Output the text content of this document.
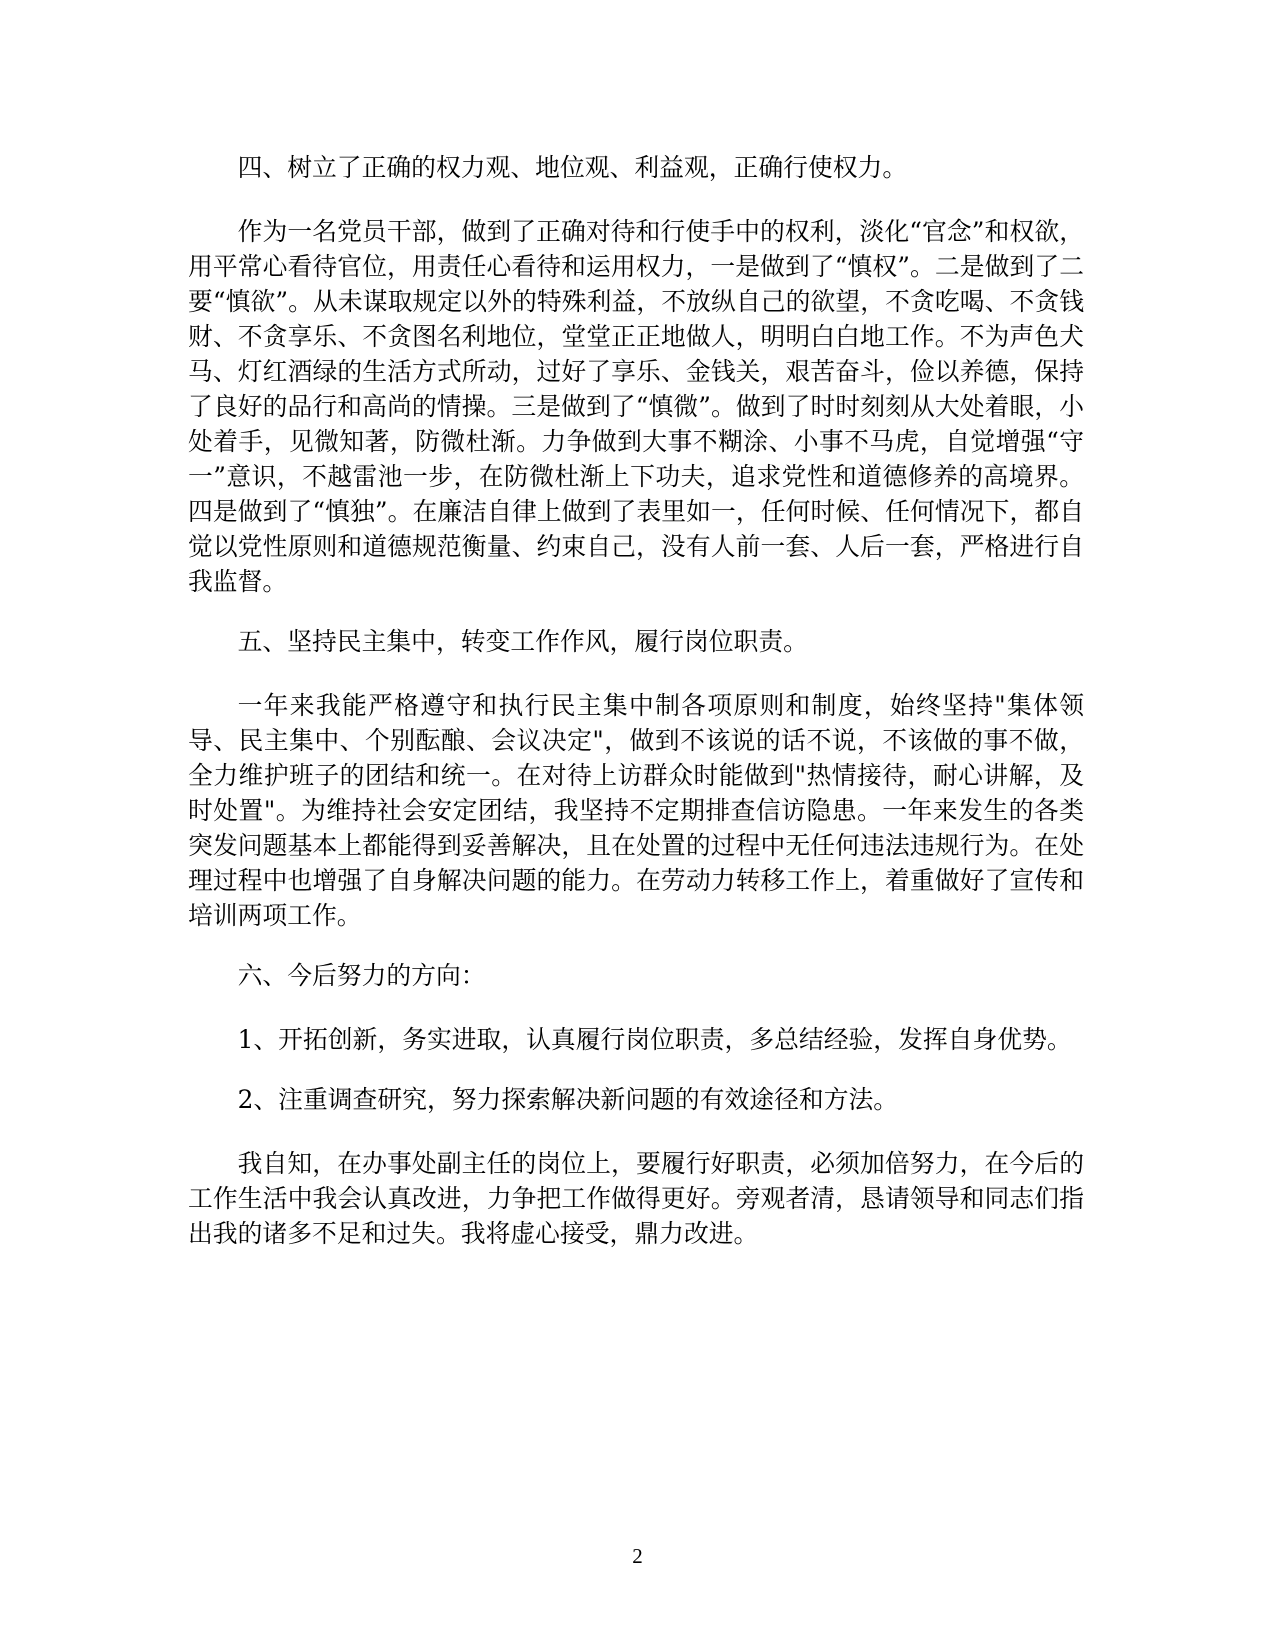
四、树立了正确的权力观、地位观、利益观，正确行使权力。

作为一名党员干部，做到了正确对待和行使手中的权利，淡化“官念”和权欲，用平常心看待官位，用责任心看待和运用权力，一是做到了“慎权”。二是做到了二要“慎欲”。从未谋取规定以外的特殊利益，不放纵自己的欲望，不贪吃喝、不贪钱财、不贪享乐、不贪图名利地位，堂堂正正地做人，明明白白地工作。不为声色犬马、灯红酒绿的生活方式所动，过好了享乐、金钱关，艰苦奋斗，俭以养德，保持了良好的品行和高尚的情操。三是做到了“慎微”。做到了时时刻刻从大处着眼，小处着手，见微知著，防微杜渐。力争做到大事不糊涂、小事不马虎，自觉增强“守一”意识，不越雷池一步，在防微杜渐上下功夫，追求党性和道德修养的高境界。四是做到了“慎独”。在廉洁自律上做到了表里如一，任何时候、任何情况下，都自觉以党性原则和道德规范衡量、约束自己，没有人前一套、人后一套，严格进行自我监督。

五、坚持民主集中，转变工作作风，履行岗位职责。

一年来我能严格遵守和执行民主集中制各项原则和制度，始终坚持"集体领导、民主集中、个别酝酿、会议决定"，做到不该说的话不说，不该做的事不做，全力维护班子的团结和统一。在对待上访群众时能做到"热情接待，耐心讲解，及时处置"。为维持社会安定团结，我坚持不定期排查信访隐患。一年来发生的各类突发问题基本上都能得到妥善解决，且在处置的过程中无任何违法违规行为。在处理过程中也增强了自身解决问题的能力。在劳动力转移工作上，着重做好了宣传和培训两项工作。

六、今后努力的方向：

1、开拓创新，务实进取，认真履行岗位职责，多总结经验，发挥自身优势。

2、注重调查研究，努力探索解决新问题的有效途径和方法。

我自知，在办事处副主任的岗位上，要履行好职责，必须加倍努力，在今后的工作生活中我会认真改进，力争把工作做得更好。旁观者清，恳请领导和同志们指出我的诸多不足和过失。我将虚心接受，鼎力改进。

2
